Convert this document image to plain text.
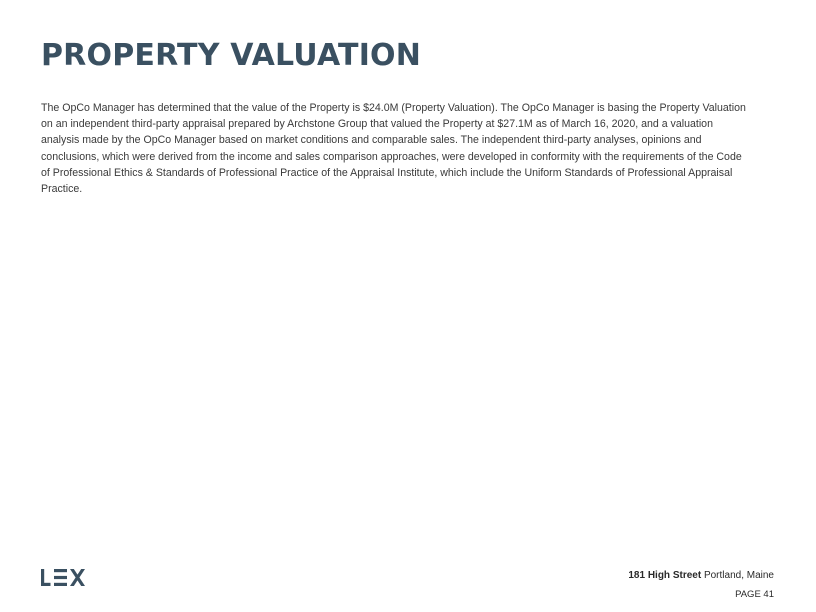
PROPERTY VALUATION

The OpCo Manager has determined that the value of the Property is $24.0M (Property Valuation). The OpCo Manager is basing the Property Valuation on an independent third-party appraisal prepared by Archstone Group that valued the Property at $27.1M as of March 16, 2020, and a valuation analysis made by the OpCo Manager based on market conditions and comparable sales. The independent third-party analyses, opinions and conclusions, which were derived from the income and sales comparison approaches, were developed in conformity with the requirements of the Code of Professional Ethics & Standards of Professional Practice of the Appraisal Institute, which include the Uniform Standards of Professional Appraisal Practice.

181 High Street Portland, Maine

PAGE 41
